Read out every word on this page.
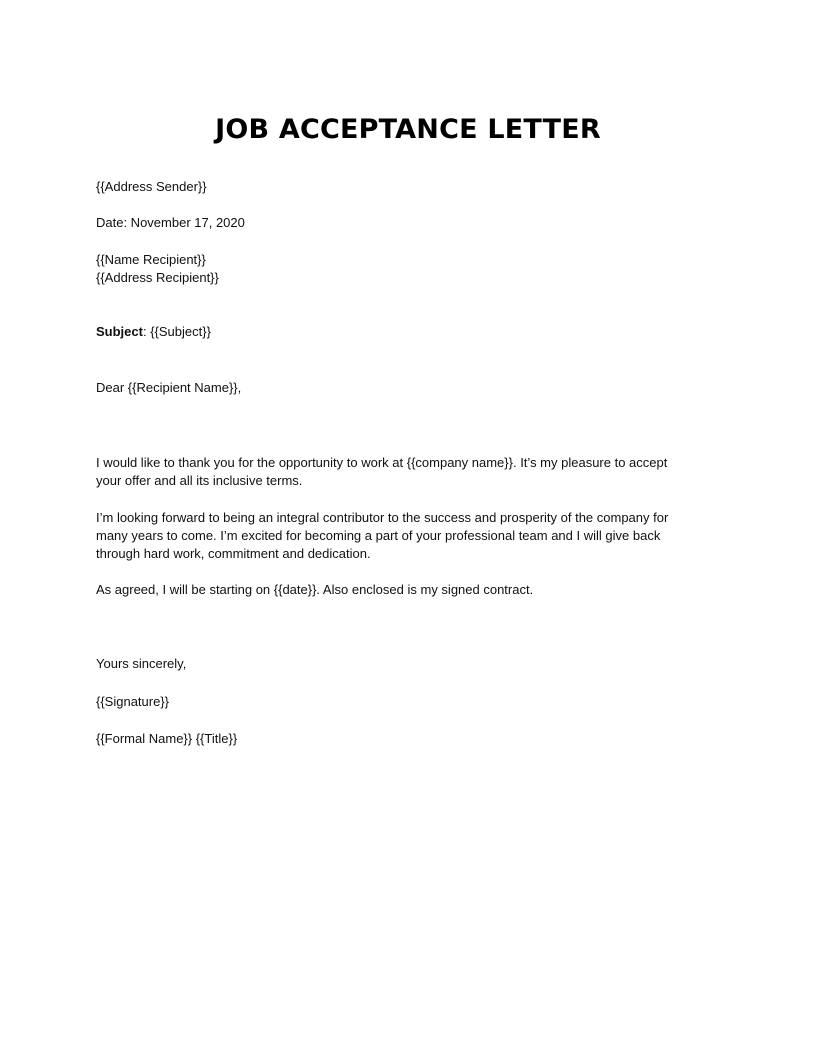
JOB ACCEPTANCE LETTER

{{Address Sender}}

Date: November 17, 2020

{{Name Recipient}}

{{Address Recipient}}

Subject: {{Subject}}

Dear {{Recipient Name}},

I would like to thank you for the opportunity to work at {{company name}}. It’s my pleasure to accept
your offer and all its inclusive terms.
I’m looking forward to being an integral contributor to the success and prosperity of the company for
many years to come. I’m excited for becoming a part of your professional team and I will give back
through hard work, commitment and dedication.

As agreed, I will be starting on {{date}}. Also enclosed is my signed contract.

Yours sincerely,

{{Signature}}

{{Formal Name}} {{Title}}
